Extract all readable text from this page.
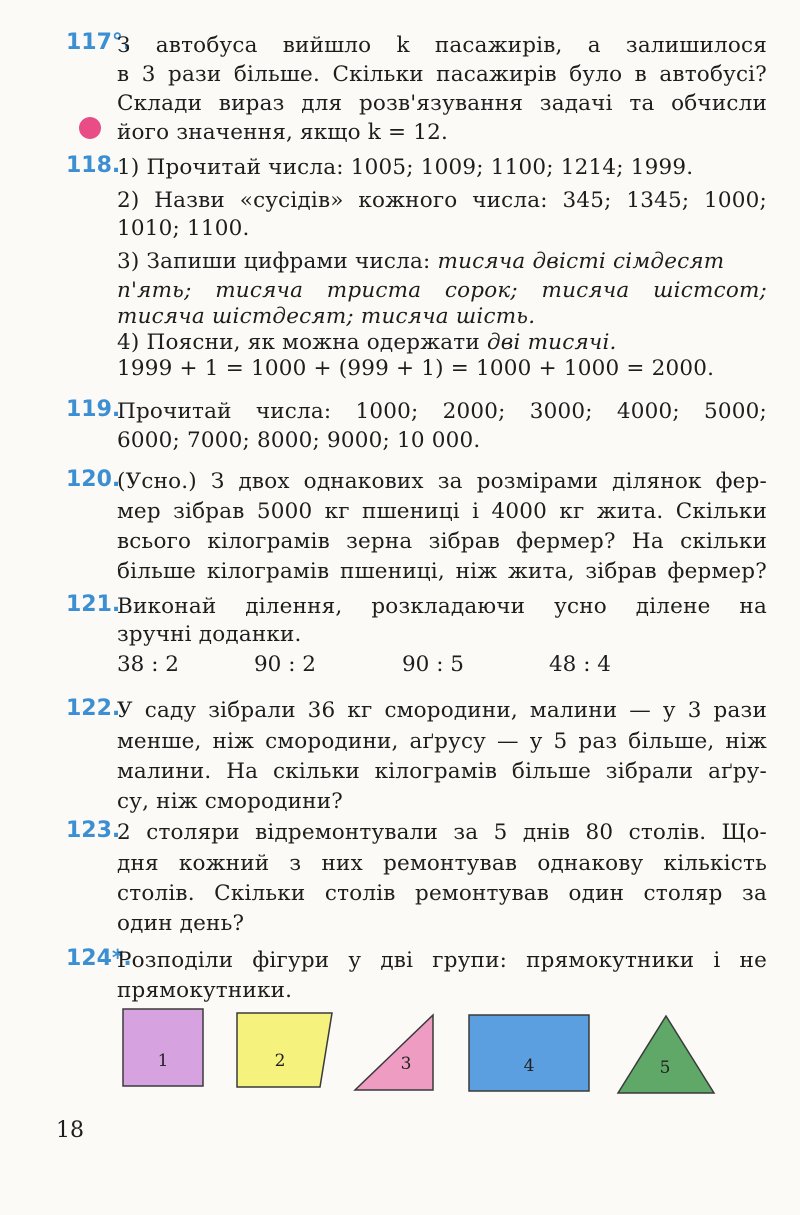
117°.
З автобуса вийшло k пасажирів, а залишилося
в 3 рази більше. Скільки пасажирів було в автобусі?
Склади вираз для розв'язування задачі та обчисли
його значення, якщо k = 12.
118.
1) Прочитай числа: 1005; 1009; 1100; 1214; 1999.
2) Назви «сусідів» кожного числа: 345; 1345; 1000;
1010; 1100.
3) Запиши цифрами числа: тисяча двісті сімдесят
п'ять; тисяча триста сорок; тисяча шістсот;
тисяча шістдесят; тисяча шість.
4) Поясни, як можна одержати дві тисячі.
1999 + 1 = 1000 + (999 + 1) = 1000 + 1000 = 2000.
119.
Прочитай числа: 1000; 2000; 3000; 4000; 5000;
6000; 7000; 8000; 9000; 10 000.
120.
(Усно.) З двох однакових за розмірами ділянок фер-
мер зібрав 5000 кг пшениці і 4000 кг жита. Скільки
всього кілограмів зерна зібрав фермер? На скільки
більше кілограмів пшениці, ніж жита, зібрав фермер?
121.
Виконай ділення, розкладаючи усно ділене на
зручні доданки.
38 : 2	90 : 2	90 : 5	48 : 4
122.
У саду зібрали 36 кг смородини, малини — у 3 рази
менше, ніж смородини, аґрусу — у 5 раз більше, ніж
малини. На скільки кілограмів більше зібрали аґру-
су, ніж смородини?
123.
2 столяри відремонтували за 5 днів 80 столів. Що-
дня кожний з них ремонтував однакову кількість
столів. Скільки столів ремонтував один столяр за
один день?
124*.
Розподіли фігури у дві групи: прямокутники і не
прямокутники.
1	2	3	4	5
18
